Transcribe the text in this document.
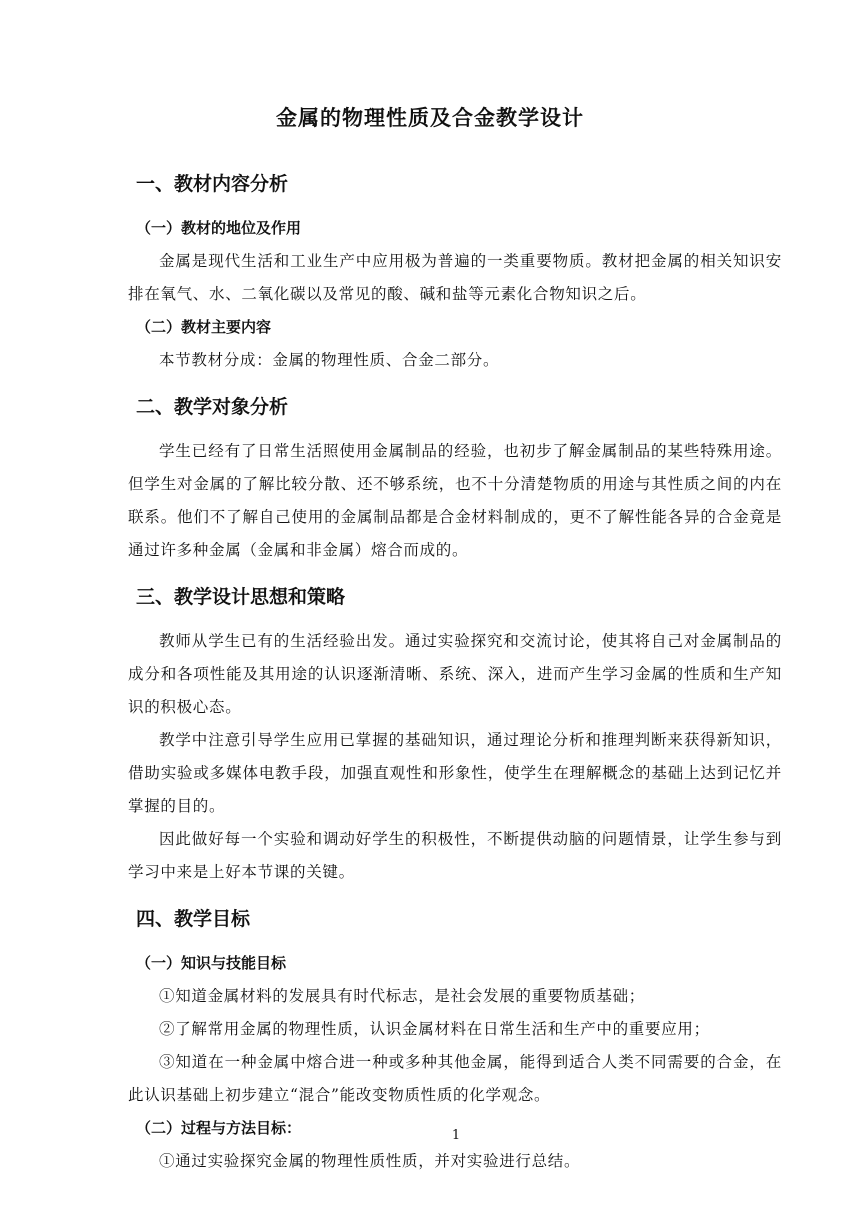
金属的物理性质及合金教学设计
一、教材内容分析
（一）教材的地位及作用

金属是现代生活和工业生产中应用极为普遍的一类重要物质。教材把金属的相关知识安排在氧气、水、二氧化碳以及常见的酸、碱和盐等元素化合物知识之后。

（二）教材主要内容

本节教材分成：金属的物理性质、合金二部分。

二、教学对象分析

学生已经有了日常生活照使用金属制品的经验，也初步了解金属制品的某些特殊用途。但学生对金属的了解比较分散、还不够系统，也不十分清楚物质的用途与其性质之间的内在联系。他们不了解自己使用的金属制品都是合金材料制成的，更不了解性能各异的合金竟是通过许多种金属（金属和非金属）熔合而成的。

三、教学设计思想和策略

教师从学生已有的生活经验出发。通过实验探究和交流讨论，使其将自己对金属制品的成分和各项性能及其用途的认识逐渐清晰、系统、深入，进而产生学习金属的性质和生产知识的积极心态。

教学中注意引导学生应用已掌握的基础知识，通过理论分析和推理判断来获得新知识，借助实验或多媒体电教手段，加强直观性和形象性，使学生在理解概念的基础上达到记忆并掌握的目的。

因此做好每一个实验和调动好学生的积极性，不断提供动脑的问题情景，让学生参与到学习中来是上好本节课的关键。

四、教学目标
（一）知识与技能目标

①知道金属材料的发展具有时代标志，是社会发展的重要物质基础；

②了解常用金属的物理性质，认识金属材料在日常生活和生产中的重要应用；

③知道在一种金属中熔合进一种或多种其他金属，能得到适合人类不同需要的合金，在此认识基础上初步建立“混合”能改变物质性质的化学观念。

（二）过程与方法目标：

①通过实验探究金属的物理性质性质，并对实验进行总结。

1
